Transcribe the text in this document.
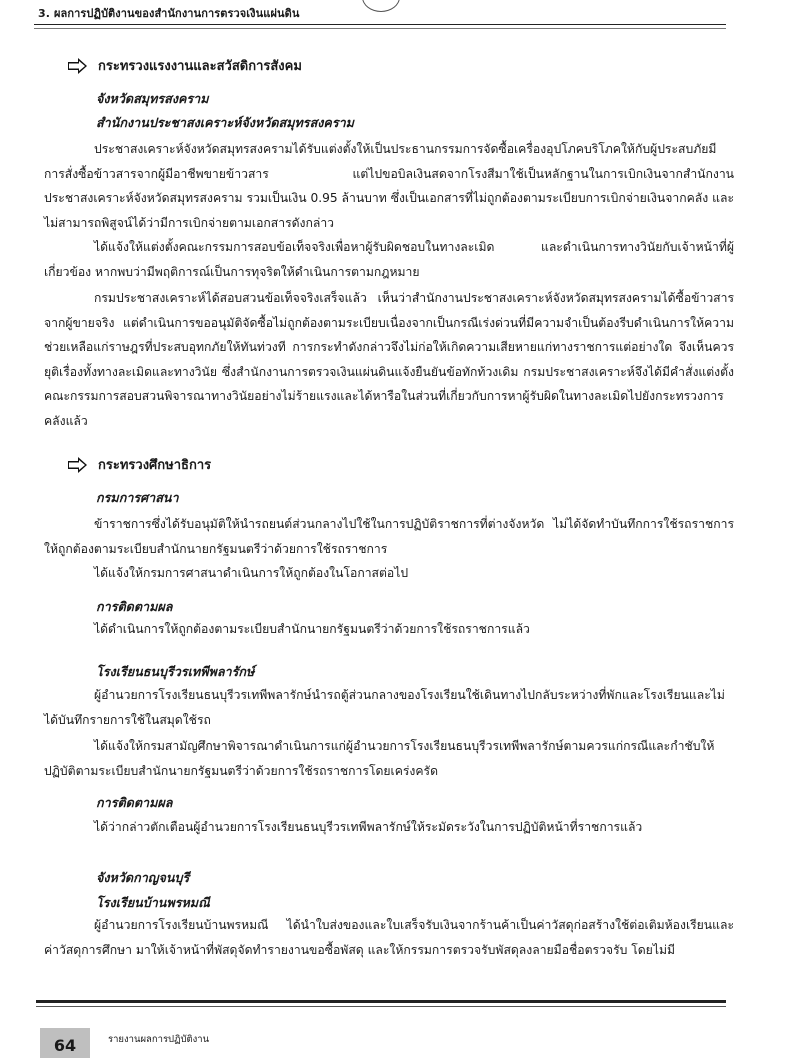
3. ผลการปฏิบัติงานของสำนักงานการตรวจเงินแผ่นดิน
กระทรวงแรงงานและสวัสดิการสังคม
จังหวัดสมุทรสงคราม
สำนักงานประชาสงเคราะห์จังหวัดสมุทรสงคราม
ประชาสงเคราะห์จังหวัดสมุทรสงครามได้รับแต่งตั้งให้เป็นประธานกรรมการจัดซื้อเครื่องอุปโภคบริโภคให้กับผู้ประสบภัยมีการสั่งซื้อข้าวสารจากผู้มีอาชีพขายข้าวสาร แต่ไปขอบิลเงินสดจากโรงสีมาใช้เป็นหลักฐานในการเบิกเงินจากสำนักงานประชาสงเคราะห์จังหวัดสมุทรสงคราม รวมเป็นเงิน 0.95 ล้านบาท ซึ่งเป็นเอกสารที่ไม่ถูกต้องตามระเบียบการเบิกจ่ายเงินจากคลัง และไม่สามารถพิสูจน์ได้ว่ามีการเบิกจ่ายตามเอกสารดังกล่าว
ได้แจ้งให้แต่งตั้งคณะกรรมการสอบข้อเท็จจริงเพื่อหาผู้รับผิดชอบในทางละเมิด และดำเนินการทางวินัยกับเจ้าหน้าที่ผู้เกี่ยวข้อง หากพบว่ามีพฤติการณ์เป็นการทุจริตให้ดำเนินการตามกฎหมาย
กรมประชาสงเคราะห์ได้สอบสวนข้อเท็จจริงเสร็จแล้ว เห็นว่าสำนักงานประชาสงเคราะห์จังหวัดสมุทรสงครามได้ซื้อข้าวสารจากผู้ขายจริง แต่ดำเนินการขออนุมัติจัดซื้อไม่ถูกต้องตามระเบียบเนื่องจากเป็นกรณีเร่งด่วนที่มีความจำเป็นต้องรีบดำเนินการให้ความช่วยเหลือแก่ราษฎรที่ประสบอุทกภัยให้ทันท่วงที การกระทำดังกล่าวจึงไม่ก่อให้เกิดความเสียหายแก่ทางราชการแต่อย่างใด จึงเห็นควรยุติเรื่องทั้งทางละเมิดและทางวินัย ซึ่งสำนักงานการตรวจเงินแผ่นดินแจ้งยืนยันข้อทักท้วงเดิม กรมประชาสงเคราะห์จึงได้มีคำสั่งแต่งตั้งคณะกรรมการสอบสวนพิจารณาทางวินัยอย่างไม่ร้ายแรงและได้หารือในส่วนที่เกี่ยวกับการหาผู้รับผิดในทางละเมิดไปยังกระทรวงการคลังแล้ว
กระทรวงศึกษาธิการ
กรมการศาสนา
ข้าราชการซึ่งได้รับอนุมัติให้นำรถยนต์ส่วนกลางไปใช้ในการปฏิบัติราชการที่ต่างจังหวัด ไม่ได้จัดทำบันทึกการใช้รถราชการให้ถูกต้องตามระเบียบสำนักนายกรัฐมนตรีว่าด้วยการใช้รถราชการ
ได้แจ้งให้กรมการศาสนาดำเนินการให้ถูกต้องในโอกาสต่อไป
การติดตามผล
ได้ดำเนินการให้ถูกต้องตามระเบียบสำนักนายกรัฐมนตรีว่าด้วยการใช้รถราชการแล้ว
โรงเรียนธนบุรีวรเทพีพลารักษ์
ผู้อำนวยการโรงเรียนธนบุรีวรเทพีพลารักษ์นำรถตู้ส่วนกลางของโรงเรียนใช้เดินทางไปกลับระหว่างที่พักและโรงเรียนและไม่ได้บันทึกรายการใช้ในสมุดใช้รถ
ได้แจ้งให้กรมสามัญศึกษาพิจารณาดำเนินการแก่ผู้อำนวยการโรงเรียนธนบุรีวรเทพีพลารักษ์ตามควรแก่กรณีและกำชับให้ปฏิบัติตามระเบียบสำนักนายกรัฐมนตรีว่าด้วยการใช้รถราชการโดยเคร่งครัด
การติดตามผล
ได้ว่ากล่าวตักเตือนผู้อำนวยการโรงเรียนธนบุรีวรเทพีพลารักษ์ให้ระมัดระวังในการปฏิบัติหน้าที่ราชการแล้ว
จังหวัดกาญจนบุรี
โรงเรียนบ้านพรหมณี
ผู้อำนวยการโรงเรียนบ้านพรหมณี ได้นำใบส่งของและใบเสร็จรับเงินจากร้านค้าเป็นค่าวัสดุก่อสร้างใช้ต่อเติมห้องเรียนและค่าวัสดุการศึกษา มาให้เจ้าหน้าที่พัสดุจัดทำรายงานขอซื้อพัสดุ และให้กรรมการตรวจรับพัสดุลงลายมือชื่อตรวจรับ โดยไม่มี
64	รายงานผลการปฏิบัติงาน
